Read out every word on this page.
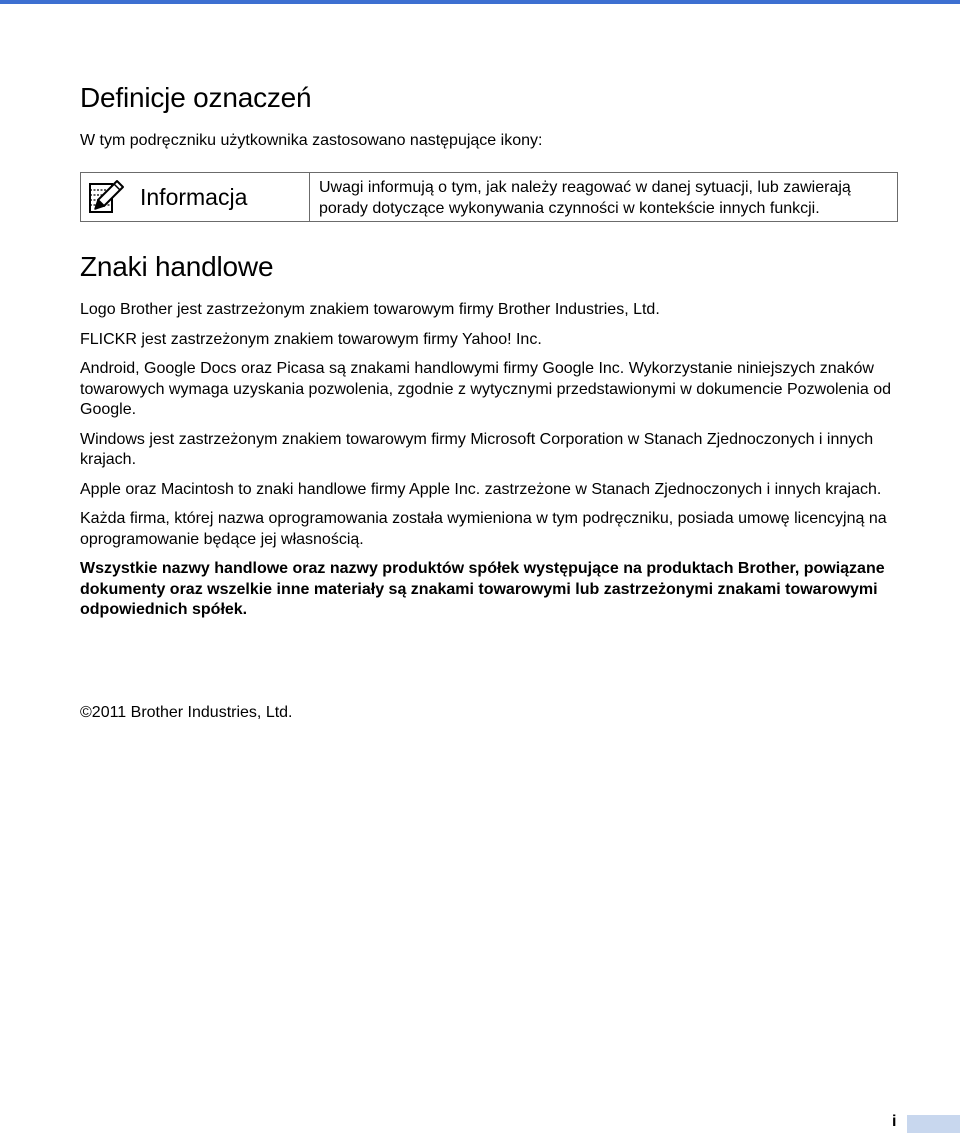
Definicje oznaczeń
W tym podręczniku użytkownika zastosowano następujące ikony:
Informacja	Uwagi informują o tym, jak należy reagować w danej sytuacji, lub zawierają porady dotyczące wykonywania czynności w kontekście innych funkcji.
Znaki handlowe

Logo Brother jest zastrzeżonym znakiem towarowym firmy Brother Industries, Ltd.

FLICKR jest zastrzeżonym znakiem towarowym firmy Yahoo! Inc.

Android, Google Docs oraz Picasa są znakami handlowymi firmy Google Inc. Wykorzystanie niniejszych znaków towarowych wymaga uzyskania pozwolenia, zgodnie z wytycznymi przedstawionymi w dokumencie Pozwolenia od Google.

Windows jest zastrzeżonym znakiem towarowym firmy Microsoft Corporation w Stanach Zjednoczonych i innych krajach.

Apple oraz Macintosh to znaki handlowe firmy Apple Inc. zastrzeżone w Stanach Zjednoczonych i innych krajach.

Każda firma, której nazwa oprogramowania została wymieniona w tym podręczniku, posiada umowę licencyjną na oprogramowanie będące jej własnością.

Wszystkie nazwy handlowe oraz nazwy produktów spółek występujące na produktach Brother, powiązane dokumenty oraz wszelkie inne materiały są znakami towarowymi lub zastrzeżonymi znakami towarowymi odpowiednich spółek.

©2011 Brother Industries, Ltd.
i
